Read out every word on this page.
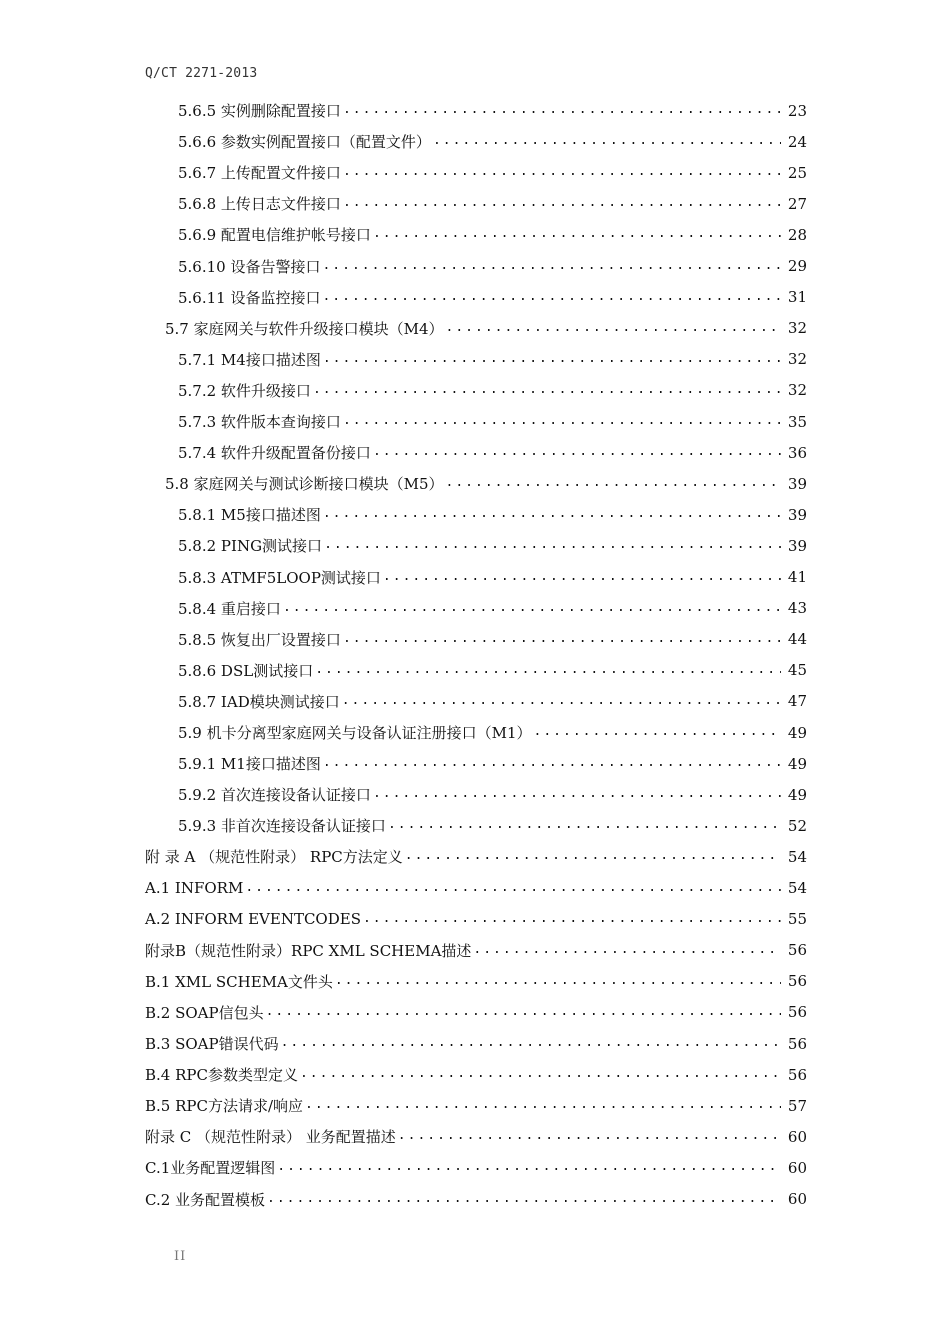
Q/CT 2271-2013
5.6.5 实例删除配置接口 .....	23
5.6.6 参数实例配置接口（配置文件） .....	24
5.6.7 上传配置文件接口 .....	25
5.6.8 上传日志文件接口 .....	27
5.6.9 配置电信维护帐号接口 .....	28
5.6.10 设备告警接口 .....	29
5.6.11 设备监控接口 .....	31
5.7 家庭网关与软件升级接口模块（M4） .....	32
5.7.1 M4接口描述图 .....	32
5.7.2 软件升级接口 .....	32
5.7.3 软件版本查询接口 .....	35
5.7.4 软件升级配置备份接口 .....	36
5.8 家庭网关与测试诊断接口模块（M5） .....	39
5.8.1 M5接口描述图 .....	39
5.8.2 PING测试接口 .....	39
5.8.3 ATMF5LOOP测试接口 .....	41
5.8.4 重启接口 .....	43
5.8.5 恢复出厂设置接口 .....	44
5.8.6 DSL测试接口 .....	45
5.8.7 IAD模块测试接口 .....	47
5.9 机卡分离型家庭网关与设备认证注册接口（M1） .....	49
5.9.1 M1接口描述图 .....	49
5.9.2 首次连接设备认证接口 .....	49
5.9.3 非首次连接设备认证接口 .....	52
附 录 A （规范性附录） RPC方法定义 .....	54
A.1 INFORM .....	54
A.2 INFORM EVENTCODES .....	55
附录B（规范性附录）RPC XML SCHEMA描述 .....	56
B.1 XML SCHEMA文件头 .....	56
B.2 SOAP信包头 .....	56
B.3 SOAP错误代码 .....	56
B.4 RPC参数类型定义 .....	56
B.5 RPC方法请求/响应 .....	57
附录 C （规范性附录） 业务配置描述 .....	60
C.1业务配置逻辑图 .....	60
C.2 业务配置模板 .....	60
II
